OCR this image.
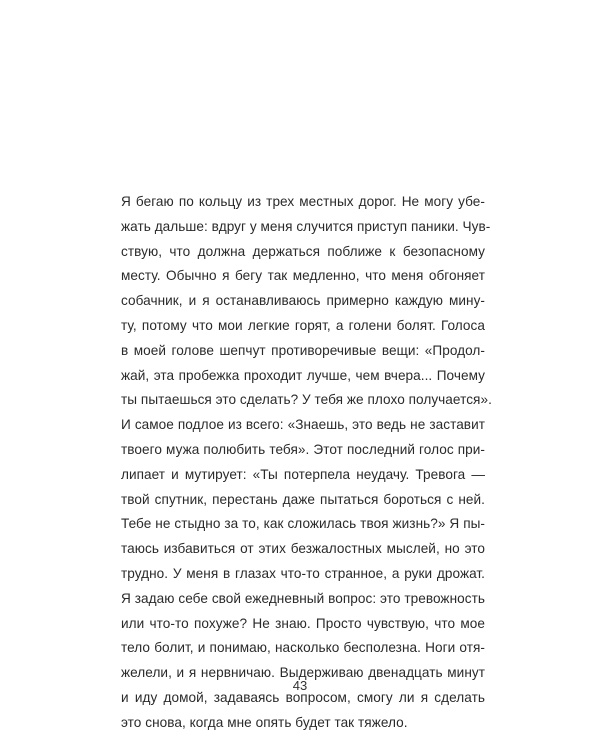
Я бегаю по кольцу из трех местных дорог. Не могу убе-
жать дальше: вдруг у меня случится приступ паники. Чув-
ствую, что должна держаться поближе к безопасному
месту. Обычно я бегу так медленно, что меня обгоняет
собачник, и я останавливаюсь примерно каждую мину-
ту, потому что мои легкие горят, а голени болят. Голоса
в моей голове шепчут противоречивые вещи: «Продол-
жай, эта пробежка проходит лучше, чем вчера... Почему
ты пытаешься это сделать? У тебя же плохо получается».
И самое подлое из всего: «Знаешь, это ведь не заставит
твоего мужа полюбить тебя». Этот последний голос при-
липает и мутирует: «Ты потерпела неудачу. Тревога —
твой спутник, перестань даже пытаться бороться с ней.
Тебе не стыдно за то, как сложилась твоя жизнь?» Я пы-
таюсь избавиться от этих безжалостных мыслей, но это
трудно. У меня в глазах что-то странное, а руки дрожат.
Я задаю себе свой ежедневный вопрос: это тревожность
или что-то похуже? Не знаю. Просто чувствую, что мое
тело болит, и понимаю, насколько бесполезна. Ноги отя-
желели, и я нервничаю. Выдерживаю двенадцать минут
и иду домой, задаваясь вопросом, смогу ли я сделать
это снова, когда мне опять будет так тяжело.
43
